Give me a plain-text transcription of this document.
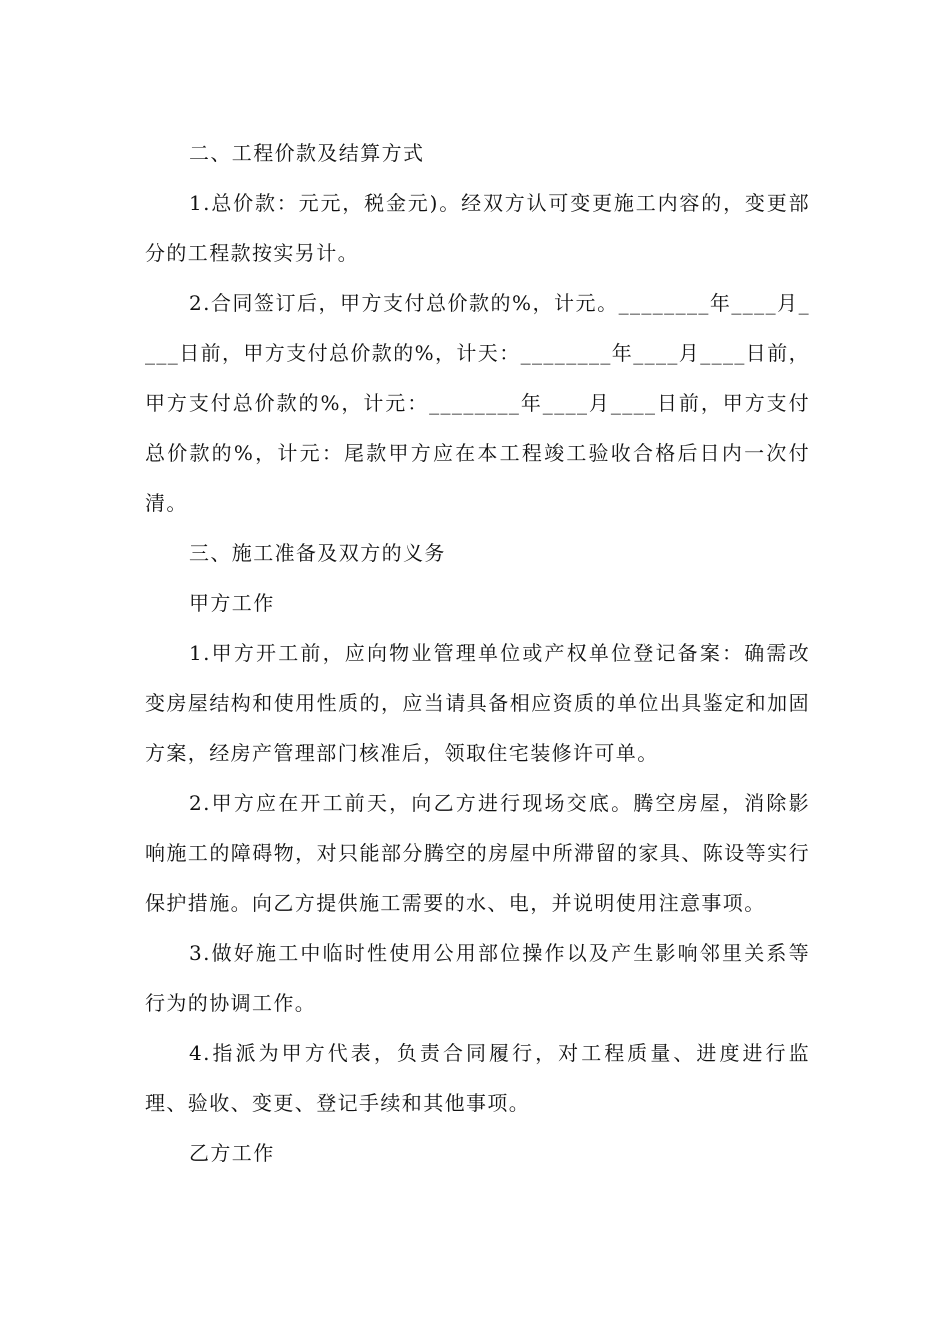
二、工程价款及结算方式

1.总价款：元元，税金元)。经双方认可变更施工内容的，变更部分的工程款按实另计。

2.合同签订后，甲方支付总价款的%，计元。________年____月____日前，甲方支付总价款的%，计天：________年____月____日前，甲方支付总价款的%，计元：________年____月____日前，甲方支付总价款的%，计元：尾款甲方应在本工程竣工验收合格后日内一次付清。

三、施工准备及双方的义务

甲方工作

1.甲方开工前，应向物业管理单位或产权单位登记备案：确需改变房屋结构和使用性质的，应当请具备相应资质的单位出具鉴定和加固方案，经房产管理部门核准后，领取住宅装修许可单。

2.甲方应在开工前天，向乙方进行现场交底。腾空房屋，消除影响施工的障碍物，对只能部分腾空的房屋中所滞留的家具、陈设等实行保护措施。向乙方提供施工需要的水、电，并说明使用注意事项。

3.做好施工中临时性使用公用部位操作以及产生影响邻里关系等行为的协调工作。

4.指派为甲方代表，负责合同履行，对工程质量、进度进行监理、验收、变更、登记手续和其他事项。

乙方工作
